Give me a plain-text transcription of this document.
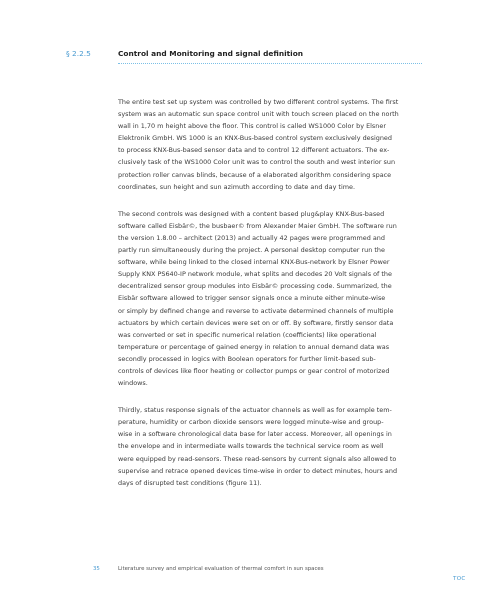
§ 2.2.5	Control and Monitoring and signal definition

The entire test set up system was controlled by two different control systems. The first
system was an automatic sun space control unit with touch screen placed on the north
wall in 1,70 m height above the floor. This control is called WS1000 Color by Elsner
Elektronik GmbH. WS 1000 is an KNX-Bus-based control system exclusively designed
to process KNX-Bus-based sensor data and to control 12 different actuators. The ex-
clusively task of the WS1000 Color unit was to control the south and west interior sun
protection roller canvas blinds, because of a elaborated algorithm considering space
coordinates, sun height and sun azimuth according to date and day time.

The second controls was designed with a content based plug&play KNX-Bus-based
software called Eisbär©, the busbaer© from Alexander Maier GmbH. The software run
the version 1.8.00 – architect (2013) and actually 42 pages were programmed and
partly run simultaneously during the project. A personal desktop computer run the
software, while being linked to the closed internal KNX-Bus-network by Elsner Power
Supply KNX PS640-IP network module, what splits and decodes 20 Volt signals of the
decentralized sensor group modules into Eisbär© processing code. Summarized, the
Eisbär software allowed to trigger sensor signals once a minute either minute-wise
or simply by defined change and reverse to activate determined channels of multiple
actuators by which certain devices were set on or off. By software, firstly sensor data
was converted or set in specific numerical relation (coefficients) like operational
temperature or percentage of gained energy in relation to annual demand data was
secondly processed in logics with Boolean operators for further limit-based sub-
controls of devices like floor heating or collector pumps or gear control of motorized
windows.

Thirdly, status response signals of the actuator channels as well as for example tem-
perature, humidity or carbon dioxide sensors were logged minute-wise and group-
wise in a software chronological data base for later access. Moreover, all openings in
the envelope and in intermediate walls towards the technical service room as well
were equipped by read-sensors. These read-sensors by current signals also allowed to
supervise and retrace opened devices time-wise in order to detect minutes, hours and
days of disrupted test conditions (figure 11).

35	Literature survey and empirical evaluation of thermal comfort in sun spaces
TOC
